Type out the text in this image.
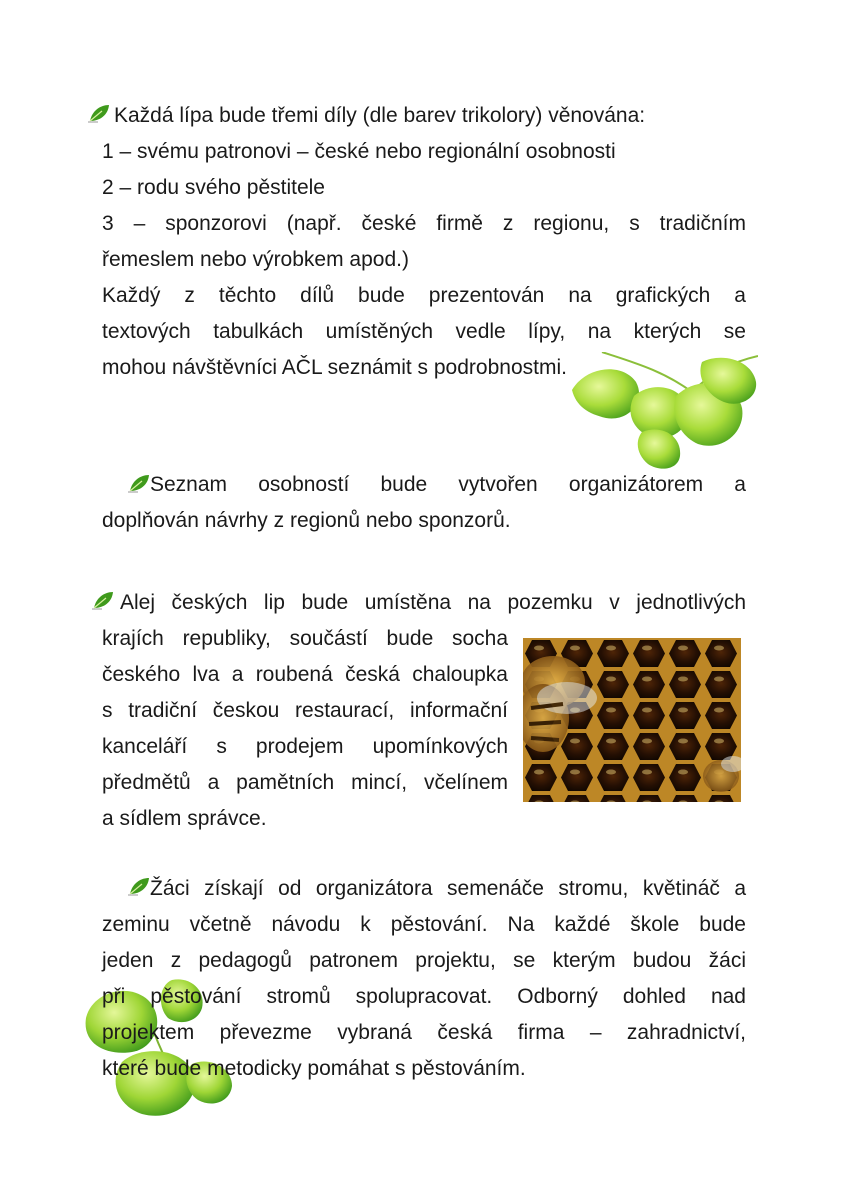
Každá lípa bude třemi díly (dle barev trikolory) věnována:
1 – svému patronovi – české nebo regionální osobnosti
2 – rodu svého pěstitele
3 – sponzorovi (např. české firmě z regionu, s tradičním
řemeslem nebo výrobkem apod.)
Každý z těchto dílů bude prezentován na grafických a
textových tabulkách umístěných vedle lípy, na kterých se
mohou návštěvníci AČL seznámit s podrobnostmi.
Seznam osobností bude vytvořen organizátorem a
doplňován návrhy z regionů nebo sponzorů.
Alej českých lip bude umístěna na pozemku v jednotlivých
krajích republiky, součástí bude socha
českého lva a roubená česká chaloupka
s tradiční českou restaurací, informační
kanceláří s prodejem upomínkových
předmětů a pamětních mincí, včelínem
a sídlem správce.
Žáci získají od organizátora semenáče stromu, květináč a
zeminu včetně návodu k pěstování. Na každé škole bude
jeden z pedagogů patronem projektu, se kterým budou žáci
při pěstování stromů spolupracovat. Odborný dohled nad
projektem převezme vybraná česká firma – zahradnictví,
které bude metodicky pomáhat s pěstováním.
